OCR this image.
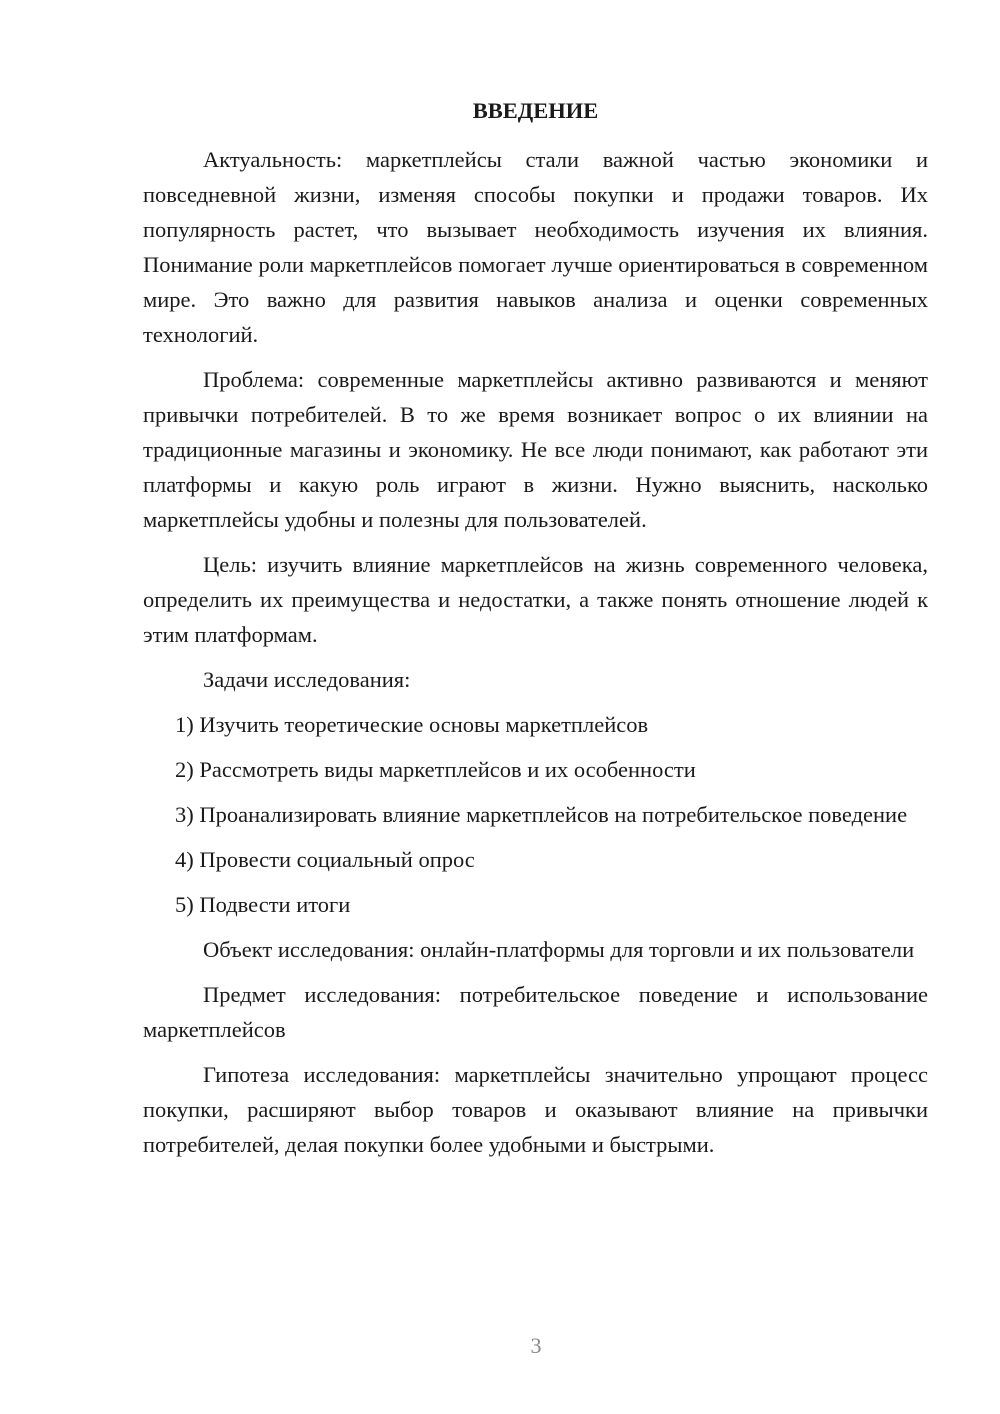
ВВЕДЕНИЕ

Актуальность: маркетплейсы стали важной частью экономики и повседневной жизни, изменяя способы покупки и продажи товаров. Их популярность растет, что вызывает необходимость изучения их влияния. Понимание роли маркетплейсов помогает лучше ориентироваться в современном мире. Это важно для развития навыков анализа и оценки современных технологий.

Проблема: современные маркетплейсы активно развиваются и меняют привычки потребителей. В то же время возникает вопрос о их влиянии на традиционные магазины и экономику. Не все люди понимают, как работают эти платформы и какую роль играют в жизни. Нужно выяснить, насколько маркетплейсы удобны и полезны для пользователей.

Цель: изучить влияние маркетплейсов на жизнь современного человека, определить их преимущества и недостатки, а также понять отношение людей к этим платформам.

Задачи исследования:

1) Изучить теоретические основы маркетплейсов

2) Рассмотреть виды маркетплейсов и их особенности

3) Проанализировать влияние маркетплейсов на потребительское поведение

4) Провести социальный опрос

5) Подвести итоги

Объект исследования: онлайн-платформы для торговли и их пользователи

Предмет исследования: потребительское поведение и использование маркетплейсов

Гипотеза исследования: маркетплейсы значительно упрощают процесс покупки, расширяют выбор товаров и оказывают влияние на привычки потребителей, делая покупки более удобными и быстрыми.

3
